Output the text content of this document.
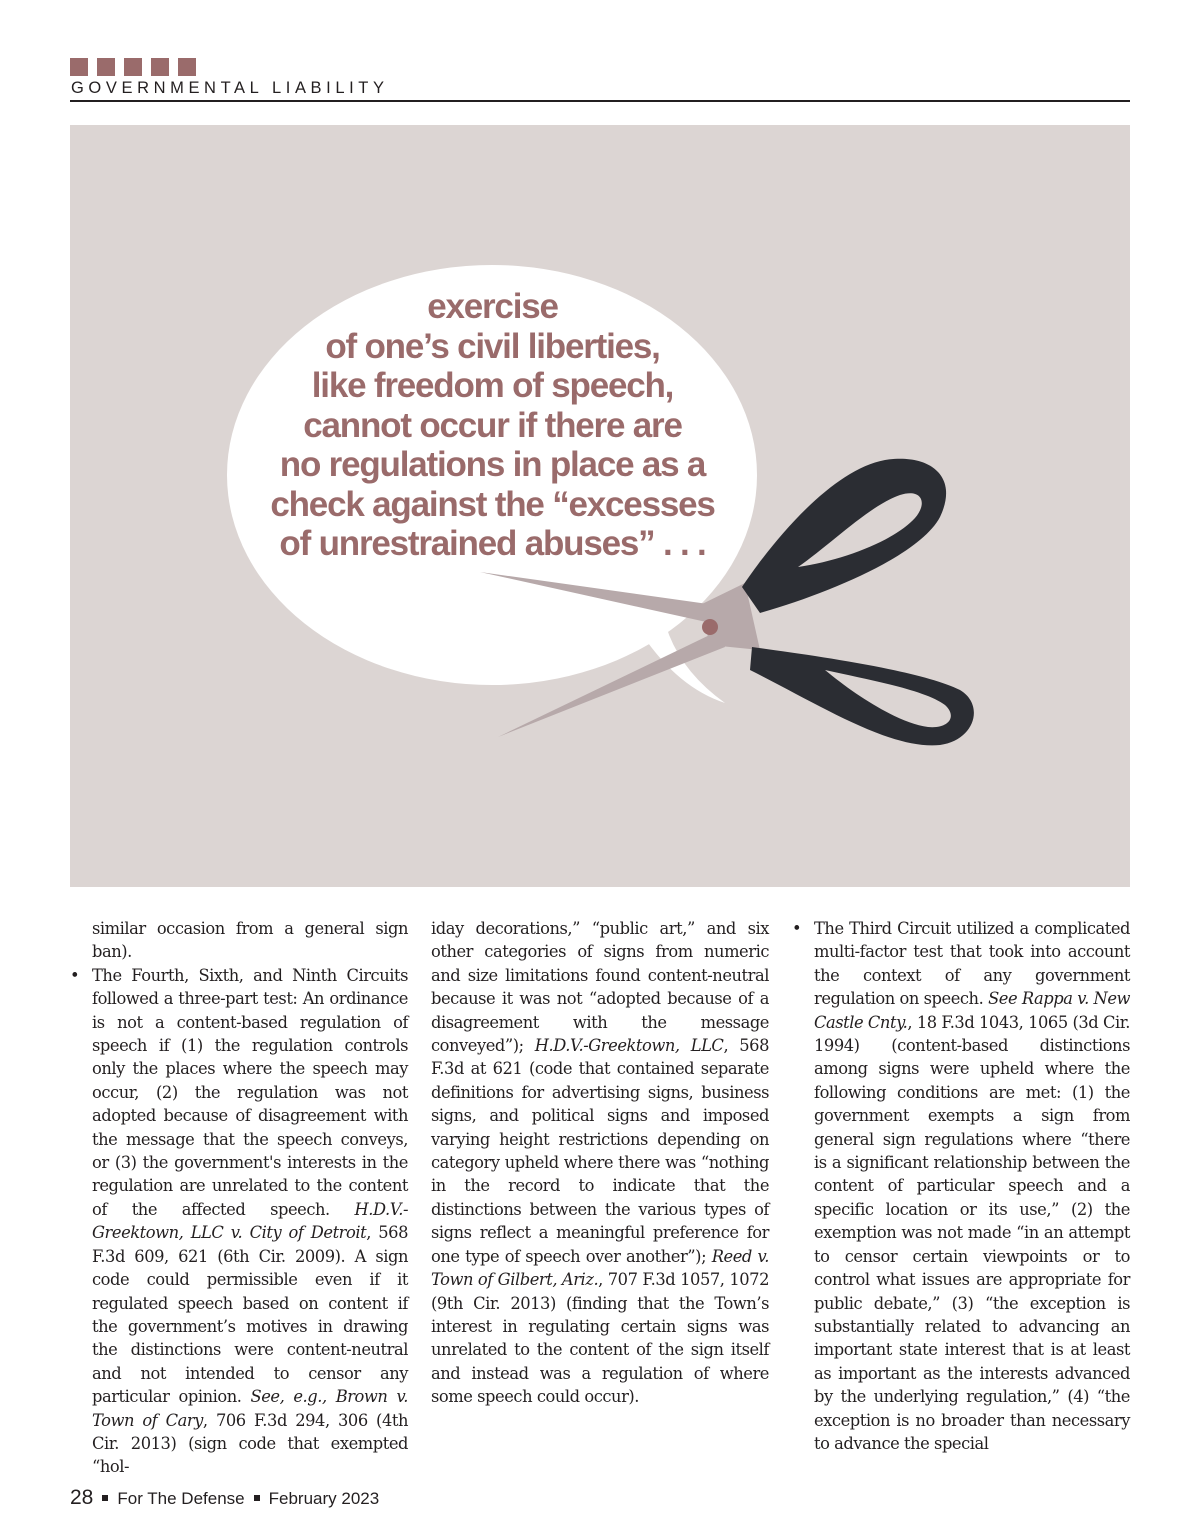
GOVERNMENTAL LIABILITY
exercise
of one’s civil liberties,
like freedom of speech,
cannot occur if there are
no regulations in place as a
check against the “excesses
of unrestrained abuses” . . .

similar occasion from a general sign ban).

• The Fourth, Sixth, and Ninth Circuits followed a three-part test: An ordinance is not a content-based regulation of speech if (1) the regulation controls only the places where the speech may occur, (2) the regulation was not adopted because of disagreement with the message that the speech conveys, or (3) the government's interests in the regulation are unrelated to the content of the affected speech. H.D.V.-Greektown, LLC v. City of Detroit, 568 F.3d 609, 621 (6th Cir. 2009). A sign code could permissible even if it regulated speech based on content if the government’s motives in drawing the distinctions were content-neutral and not intended to censor any particular opinion. See, e.g., Brown v. Town of Cary, 706 F.3d 294, 306 (4th Cir. 2013) (sign code that exempted “hol-

iday decorations,” “public art,” and six other categories of signs from numeric and size limitations found content-neutral because it was not “adopted because of a disagreement with the message conveyed”); H.D.V.-Greektown, LLC, 568 F.3d at 621 (code that contained separate definitions for advertising signs, business signs, and political signs and imposed varying height restrictions depending on category upheld where there was “nothing in the record to indicate that the distinctions between the various types of signs reflect a meaningful preference for one type of speech over another”); Reed v. Town of Gilbert, Ariz., 707 F.3d 1057, 1072 (9th Cir. 2013) (finding that the Town’s interest in regulating certain signs was unrelated to the content of the sign itself and instead was a regulation of where some speech could occur).

• The Third Circuit utilized a complicated multi-factor test that took into account the context of any government regulation on speech. See Rappa v. New Castle Cnty., 18 F.3d 1043, 1065 (3d Cir. 1994) (content-based distinctions among signs were upheld where the following conditions are met: (1) the government exempts a sign from general sign regulations where “there is a significant relationship between the content of particular speech and a specific location or its use,” (2) the exemption was not made “in an attempt to censor certain viewpoints or to control what issues are appropriate for public debate,” (3) “the exception is substantially related to advancing an important state interest that is at least as important as the interests advanced by the underlying regulation,” (4) “the exception is no broader than necessary to advance the special

28 For The Defense February 2023
